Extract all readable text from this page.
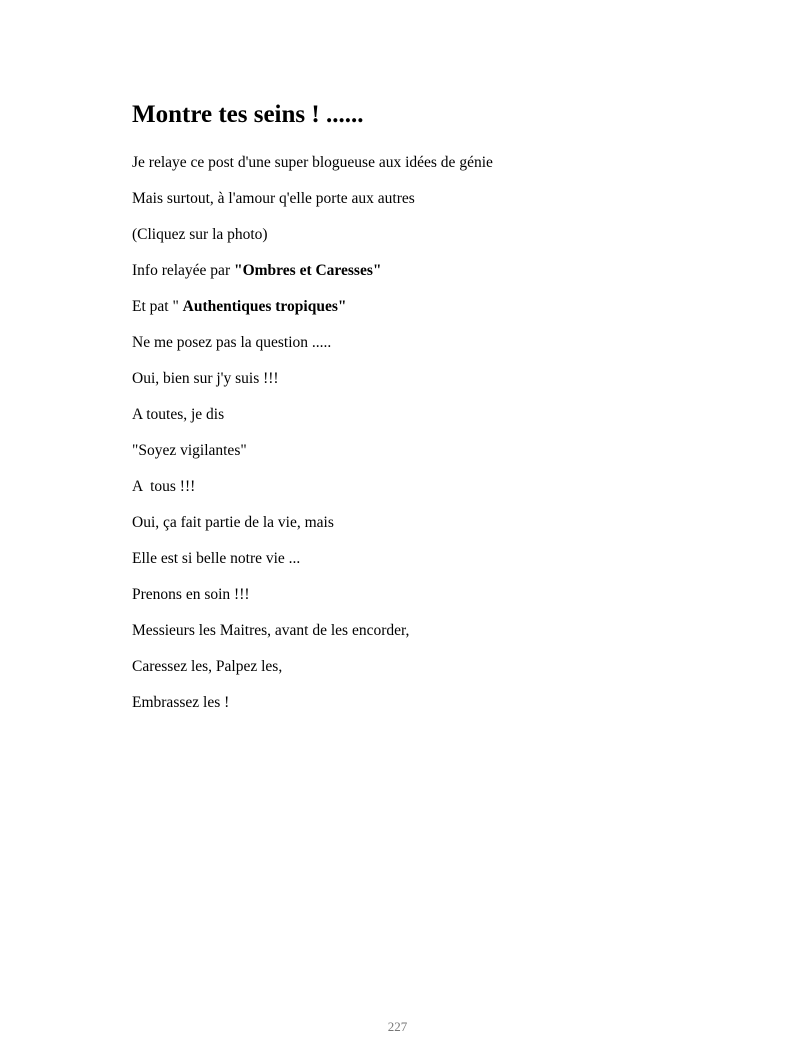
Montre tes seins ! ......
Je relaye ce post d'une super blogueuse aux idées de génie
Mais surtout, à l'amour q'elle porte aux autres
(Cliquez sur la photo)
Info relayée par "Ombres et Caresses"
Et pat " Authentiques tropiques"
Ne me posez pas la question .....
Oui, bien sur j'y suis !!!
A toutes, je dis
"Soyez vigilantes"
A  tous !!!
Oui, ça fait partie de la vie, mais
Elle est si belle notre vie ...
Prenons en soin !!!
Messieurs les Maitres, avant de les encorder,
Caressez les, Palpez les,
Embrassez les !
227
